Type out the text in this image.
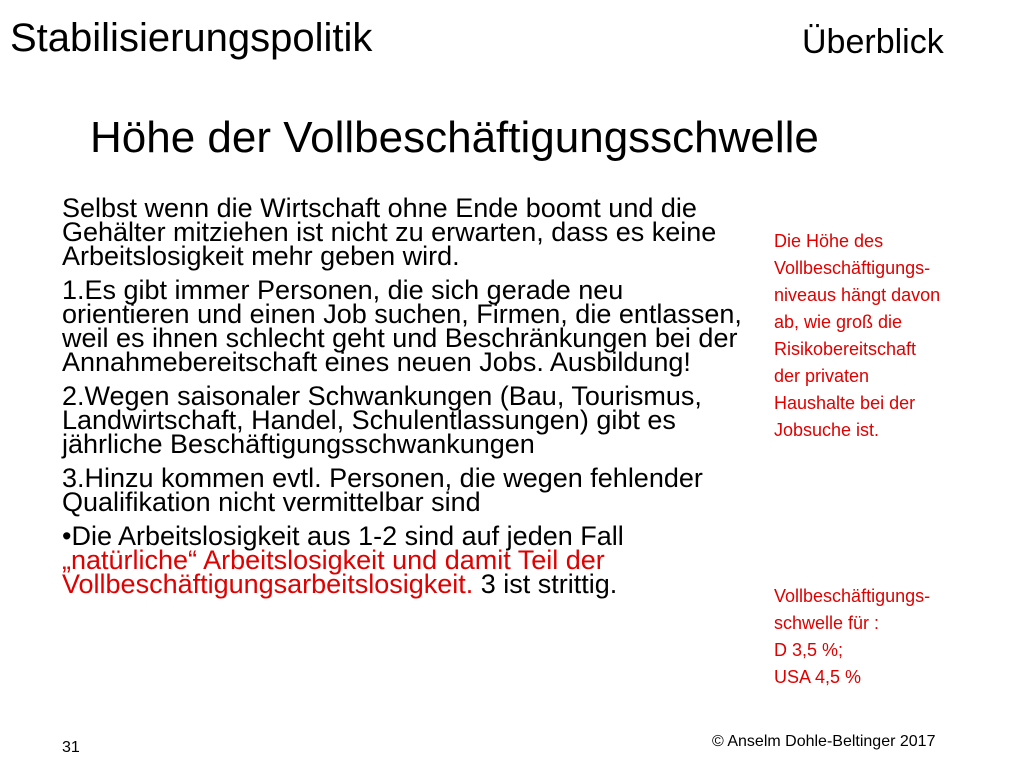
Stabilisierungspolitik	Überblick
Höhe der Vollbeschäftigungsschwelle

Selbst wenn die Wirtschaft ohne Ende boomt und die Gehälter mitziehen ist nicht zu erwarten, dass es keine Arbeitslosigkeit mehr geben wird.

1.Es gibt immer Personen, die sich gerade neu orientieren und einen Job suchen, Firmen, die entlassen, weil es ihnen schlecht geht und Beschränkungen bei der Annahmebereitschaft eines neuen Jobs. Ausbildung!

2.Wegen saisonaler Schwankungen (Bau, Tourismus, Landwirtschaft, Handel, Schulentlassungen) gibt es jährliche Beschäftigungsschwankungen

3.Hinzu kommen evtl. Personen, die wegen fehlender Qualifikation nicht vermittelbar sind

•Die Arbeitslosigkeit aus 1-2 sind auf jeden Fall „natürliche“ Arbeitslosigkeit und damit Teil der Vollbeschäftigungsarbeitslosigkeit. 3 ist strittig.

Die Höhe des
Vollbeschäftigungs-
niveaus hängt davon
ab, wie groß die
Risikobereitschaft
der privaten
Haushalte bei der
Jobsuche ist.
Vollbeschäftigungs-
schwelle für :
D 3,5 %;
USA 4,5 %
31	© Anselm Dohle-Beltinger 2017
